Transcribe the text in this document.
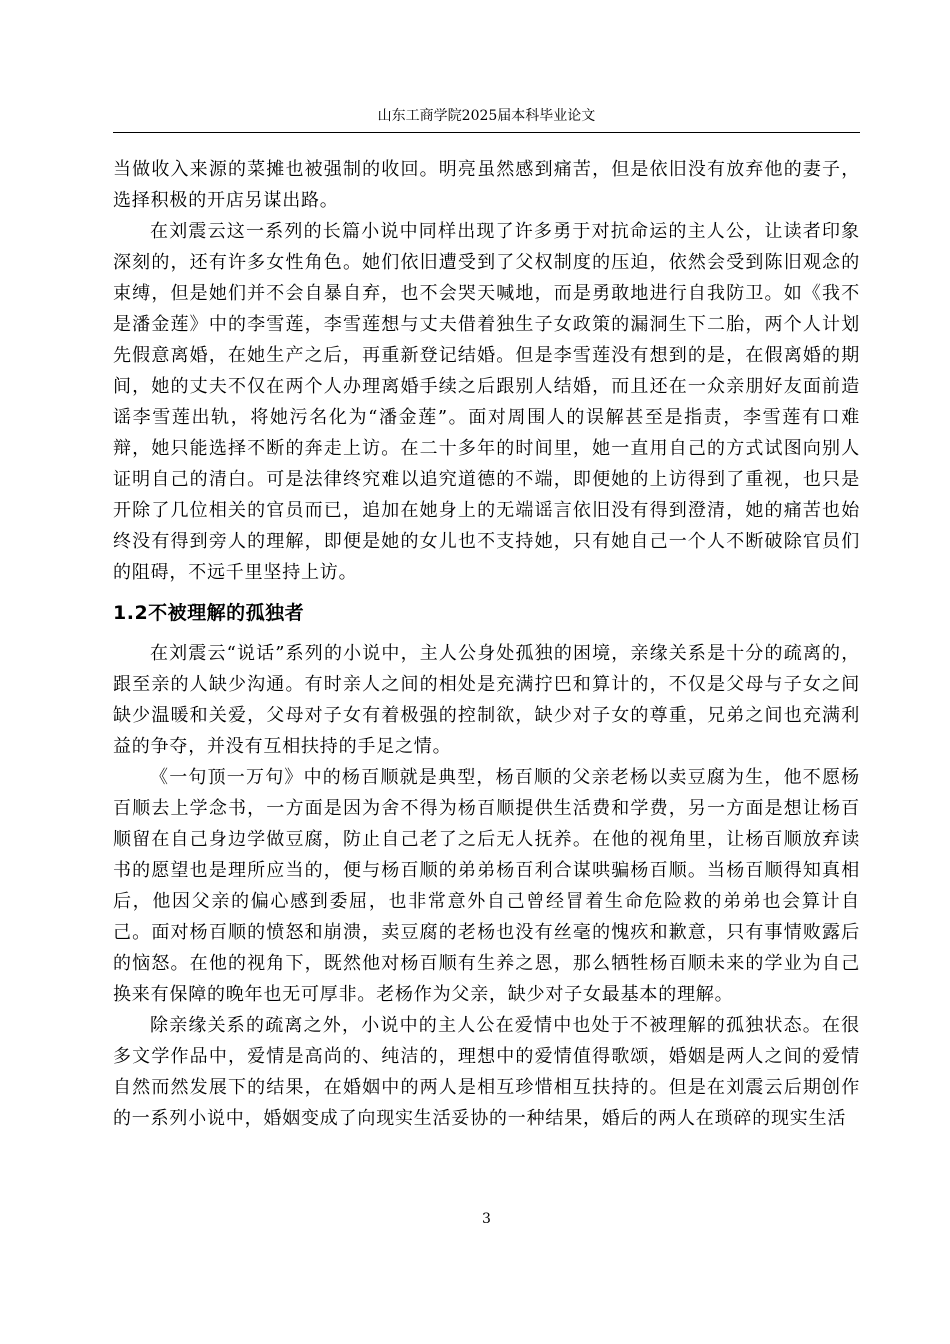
山东工商学院2025届本科毕业论文

当做收入来源的菜摊也被强制的收回。明亮虽然感到痛苦，但是依旧没有放弃他的妻子，选择积极的开店另谋出路。

在刘震云这一系列的长篇小说中同样出现了许多勇于对抗命运的主人公，让读者印象深刻的，还有许多女性角色。她们依旧遭受到了父权制度的压迫，依然会受到陈旧观念的束缚，但是她们并不会自暴自弃，也不会哭天喊地，而是勇敢地进行自我防卫。如《我不是潘金莲》中的李雪莲，李雪莲想与丈夫借着独生子女政策的漏洞生下二胎，两个人计划先假意离婚，在她生产之后，再重新登记结婚。但是李雪莲没有想到的是，在假离婚的期间，她的丈夫不仅在两个人办理离婚手续之后跟别人结婚，而且还在一众亲朋好友面前造谣李雪莲出轨，将她污名化为“潘金莲”。面对周围人的误解甚至是指责，李雪莲有口难辩，她只能选择不断的奔走上访。在二十多年的时间里，她一直用自己的方式试图向别人证明自己的清白。可是法律终究难以追究道德的不端，即便她的上访得到了重视，也只是开除了几位相关的官员而已，追加在她身上的无端谣言依旧没有得到澄清，她的痛苦也始终没有得到旁人的理解，即便是她的女儿也不支持她，只有她自己一个人不断破除官员们的阻碍，不远千里坚持上访。

1.2不被理解的孤独者

在刘震云“说话”系列的小说中，主人公身处孤独的困境，亲缘关系是十分的疏离的，跟至亲的人缺少沟通。有时亲人之间的相处是充满拧巴和算计的，不仅是父母与子女之间缺少温暖和关爱，父母对子女有着极强的控制欲，缺少对子女的尊重，兄弟之间也充满利益的争夺，并没有互相扶持的手足之情。

《一句顶一万句》中的杨百顺就是典型，杨百顺的父亲老杨以卖豆腐为生，他不愿杨百顺去上学念书，一方面是因为舍不得为杨百顺提供生活费和学费，另一方面是想让杨百顺留在自己身边学做豆腐，防止自己老了之后无人抚养。在他的视角里，让杨百顺放弃读书的愿望也是理所应当的，便与杨百顺的弟弟杨百利合谋哄骗杨百顺。当杨百顺得知真相后，他因父亲的偏心感到委屈，也非常意外自己曾经冒着生命危险救的弟弟也会算计自己。面对杨百顺的愤怒和崩溃，卖豆腐的老杨也没有丝毫的愧疚和歉意，只有事情败露后的恼怒。在他的视角下，既然他对杨百顺有生养之恩，那么牺牲杨百顺未来的学业为自己换来有保障的晚年也无可厚非。老杨作为父亲，缺少对子女最基本的理解。

除亲缘关系的疏离之外，小说中的主人公在爱情中也处于不被理解的孤独状态。在很多文学作品中，爱情是高尚的、纯洁的，理想中的爱情值得歌颂，婚姻是两人之间的爱情自然而然发展下的结果，在婚姻中的两人是相互珍惜相互扶持的。但是在刘震云后期创作的一系列小说中，婚姻变成了向现实生活妥协的一种结果，婚后的两人在琐碎的现实生活

3
